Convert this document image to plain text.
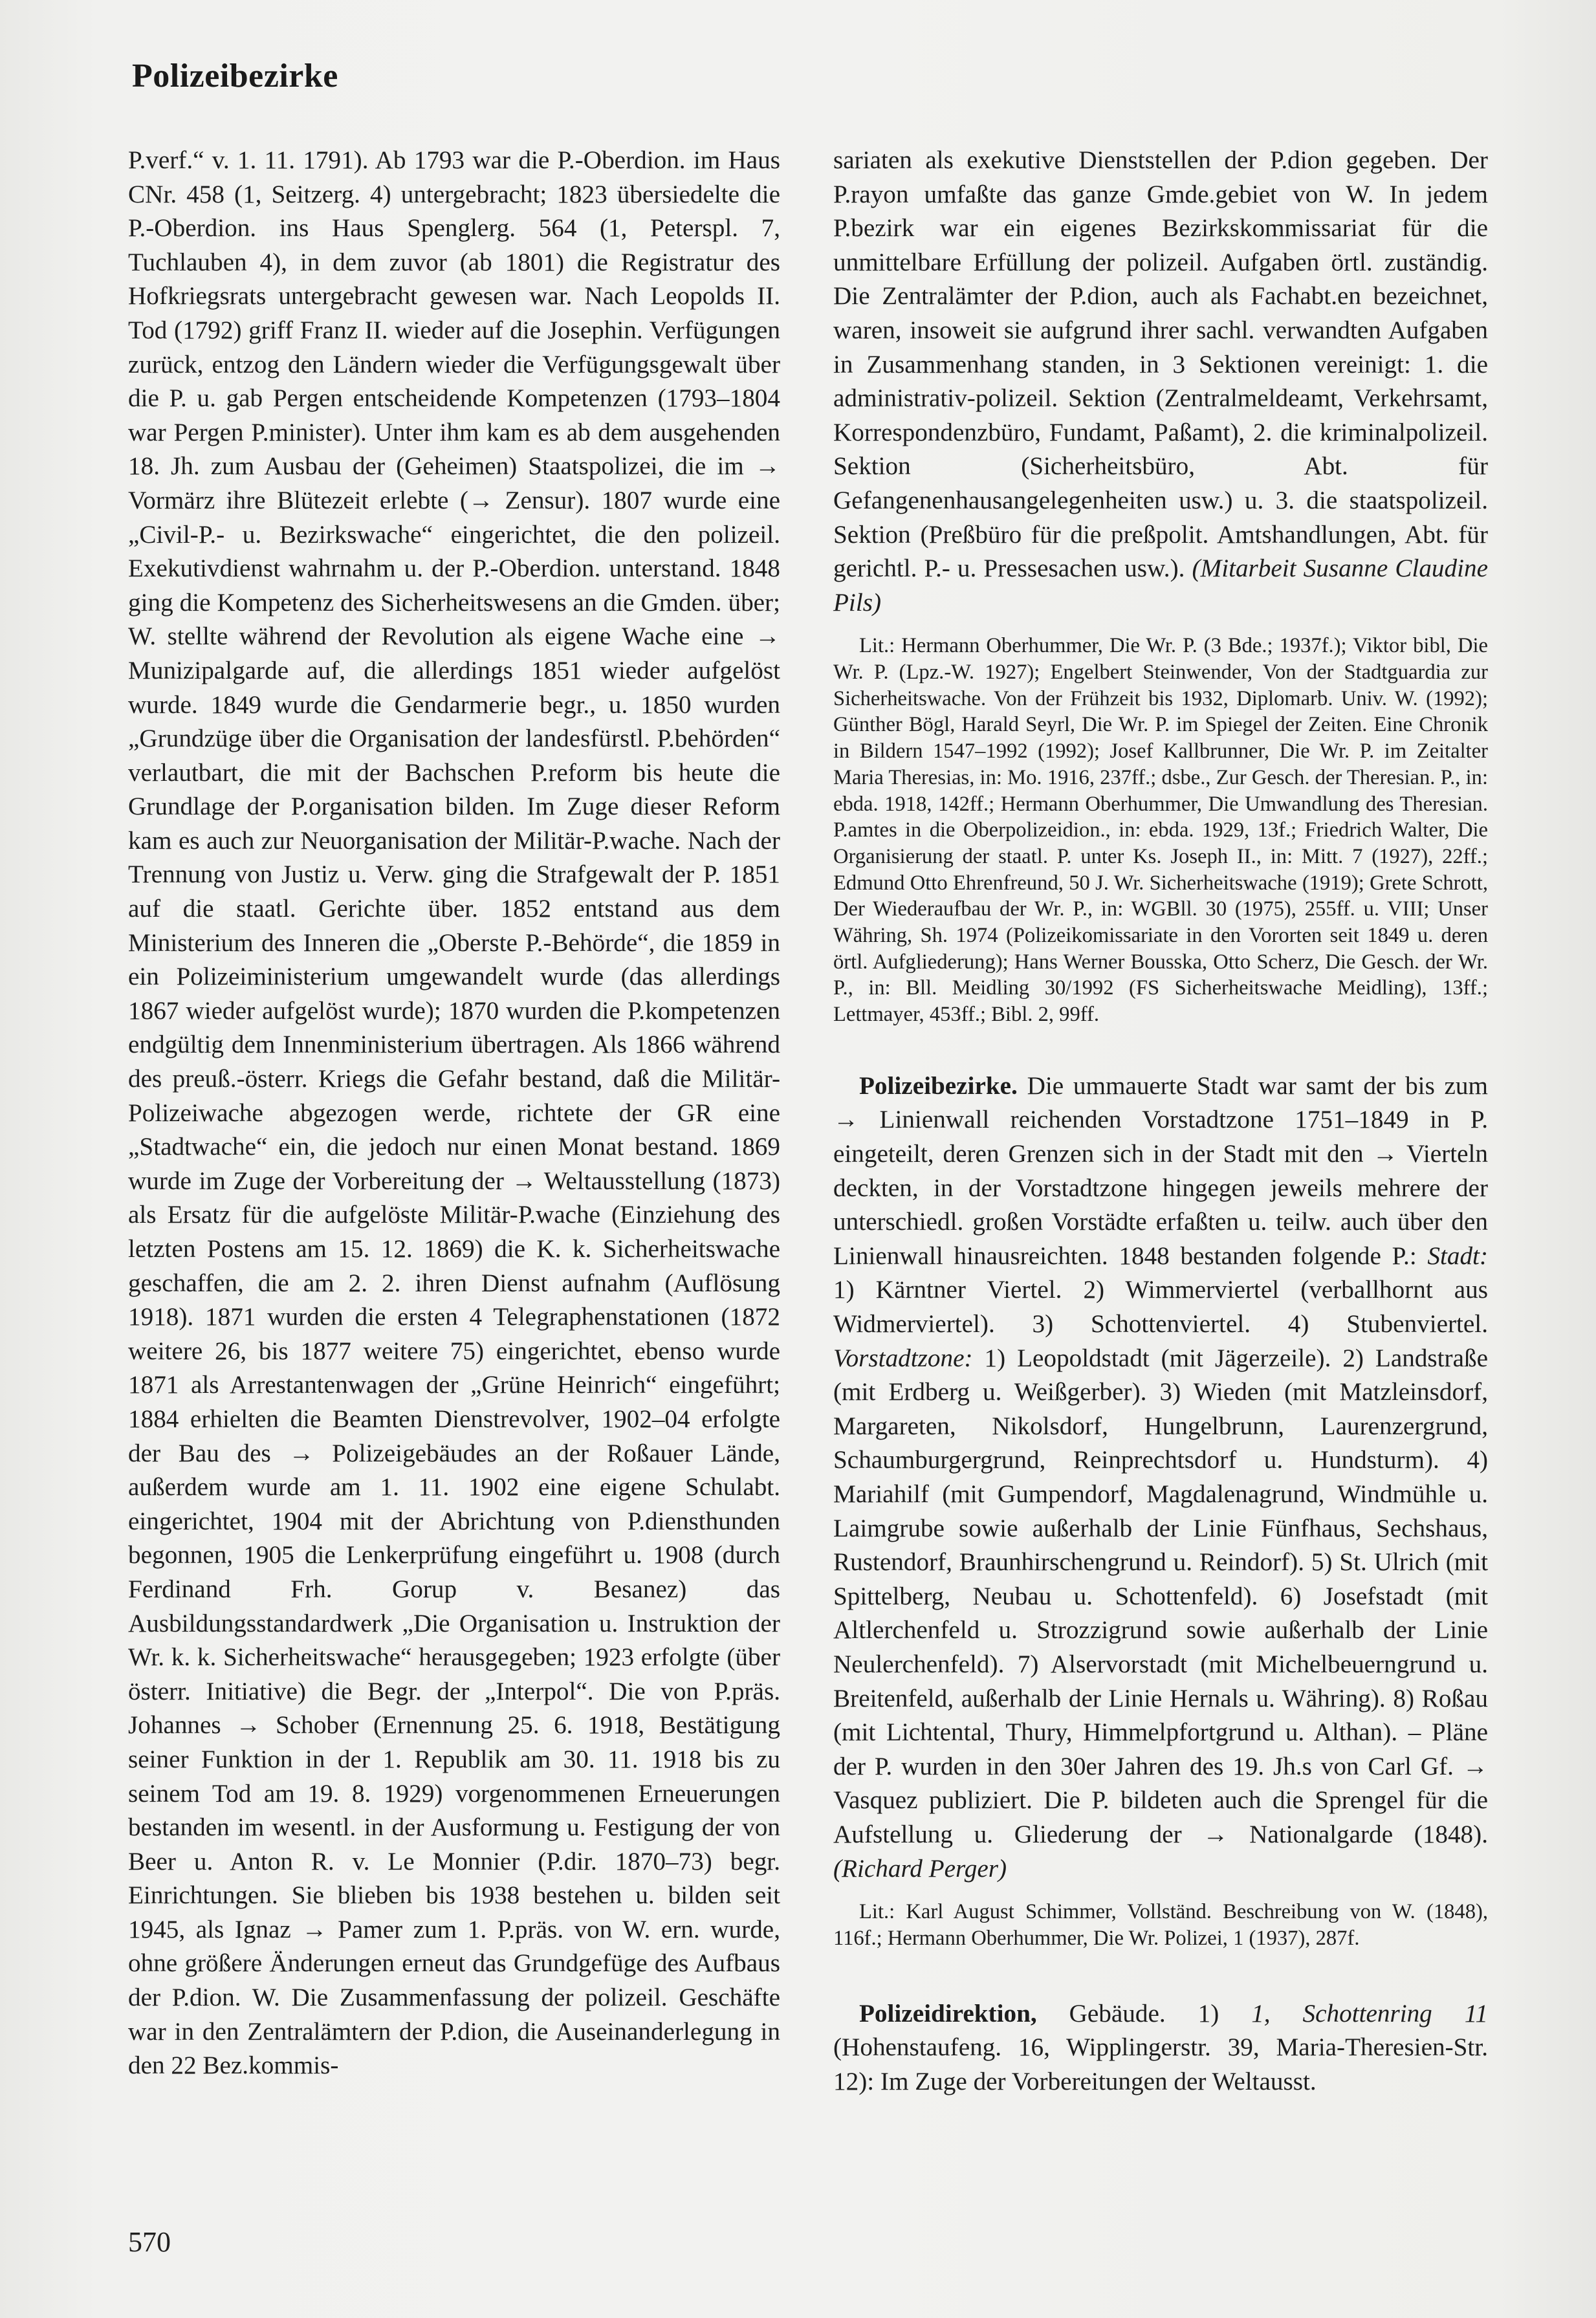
Polizeibezirke

P.verf.“ v. 1. 11. 1791). Ab 1793 war die P.-Oberdion. im Haus CNr. 458 (1, Seitzerg. 4) untergebracht; 1823 übersiedelte die P.-Oberdion. ins Haus Spenglerg. 564 (1, Peterspl. 7, Tuchlauben 4), in dem zuvor (ab 1801) die Registratur des Hofkriegsrats untergebracht gewesen war. Nach Leopolds II. Tod (1792) griff Franz II. wieder auf die Josephin. Verfügungen zurück, entzog den Ländern wieder die Verfügungsgewalt über die P. u. gab Pergen entscheidende Kompetenzen (1793–1804 war Pergen P.minister). Unter ihm kam es ab dem ausgehenden 18. Jh. zum Ausbau der (Geheimen) Staatspolizei, die im → Vormärz ihre Blütezeit erlebte (→ Zensur). 1807 wurde eine „Civil-P.- u. Bezirkswache“ eingerichtet, die den polizeil. Exekutivdienst wahrnahm u. der P.-Oberdion. unterstand. 1848 ging die Kompetenz des Sicherheitswesens an die Gmden. über; W. stellte während der Revolution als eigene Wache eine → Munizipalgarde auf, die allerdings 1851 wieder aufgelöst wurde. 1849 wurde die Gendarmerie begr., u. 1850 wurden „Grundzüge über die Organisation der landesfürstl. P.behörden“ verlautbart, die mit der Bachschen P.reform bis heute die Grundlage der P.organisation bilden. Im Zuge dieser Reform kam es auch zur Neuorganisation der Militär-P.wache. Nach der Trennung von Justiz u. Verw. ging die Strafgewalt der P. 1851 auf die staatl. Gerichte über. 1852 entstand aus dem Ministerium des Inneren die „Oberste P.-Behörde“, die 1859 in ein Polizeiministerium umgewandelt wurde (das allerdings 1867 wieder aufgelöst wurde); 1870 wurden die P.kompetenzen endgültig dem Innenministerium übertragen. Als 1866 während des preuß.-österr. Kriegs die Gefahr bestand, daß die Militär-Polizeiwache abgezogen werde, richtete der GR eine „Stadtwache“ ein, die jedoch nur einen Monat bestand. 1869 wurde im Zuge der Vorbereitung der → Weltausstellung (1873) als Ersatz für die aufgelöste Militär-P.wache (Einziehung des letzten Postens am 15. 12. 1869) die K. k. Sicherheitswache geschaffen, die am 2. 2. ihren Dienst aufnahm (Auflösung 1918). 1871 wurden die ersten 4 Telegraphenstationen (1872 weitere 26, bis 1877 weitere 75) eingerichtet, ebenso wurde 1871 als Arrestantenwagen der „Grüne Heinrich“ eingeführt; 1884 erhielten die Beamten Dienstrevolver, 1902–04 erfolgte der Bau des → Polizeigebäudes an der Roßauer Lände, außerdem wurde am 1. 11. 1902 eine eigene Schulabt. eingerichtet, 1904 mit der Abrichtung von P.diensthunden begonnen, 1905 die Lenkerprüfung eingeführt u. 1908 (durch Ferdinand Frh. Gorup v. Besanez) das Ausbildungsstandardwerk „Die Organisation u. Instruktion der Wr. k. k. Sicherheitswache“ herausgegeben; 1923 erfolgte (über österr. Initiative) die Begr. der „Interpol“. Die von P.präs. Johannes → Schober (Ernennung 25. 6. 1918, Bestätigung seiner Funktion in der 1. Republik am 30. 11. 1918 bis zu seinem Tod am 19. 8. 1929) vorgenommenen Erneuerungen bestanden im wesentl. in der Ausformung u. Festigung der von Beer u. Anton R. v. Le Monnier (P.dir. 1870–73) begr. Einrichtungen. Sie blieben bis 1938 bestehen u. bilden seit 1945, als Ignaz → Pamer zum 1. P.präs. von W. ern. wurde, ohne größere Änderungen erneut das Grundgefüge des Aufbaus der P.dion. W. Die Zusammenfassung der polizeil. Geschäfte war in den Zentralämtern der P.dion, die Auseinanderlegung in den 22 Bez.kommis-

sariaten als exekutive Dienststellen der P.dion gegeben. Der P.rayon umfaßte das ganze Gmde.gebiet von W. In jedem P.bezirk war ein eigenes Bezirkskommissariat für die unmittelbare Erfüllung der polizeil. Aufgaben örtl. zuständig. Die Zentralämter der P.dion, auch als Fachabt.en bezeichnet, waren, insoweit sie aufgrund ihrer sachl. verwandten Aufgaben in Zusammenhang standen, in 3 Sektionen vereinigt: 1. die administrativ-polizeil. Sektion (Zentralmeldeamt, Verkehrsamt, Korrespondenzbüro, Fundamt, Paßamt), 2. die kriminalpolizeil. Sektion (Sicherheitsbüro, Abt. für Gefangenenhausangelegenheiten usw.) u. 3. die staatspolizeil. Sektion (Preßbüro für die preßpolit. Amtshandlungen, Abt. für gerichtl. P.- u. Pressesachen usw.). (Mitarbeit Susanne Claudine Pils)

Lit.: Hermann Oberhummer, Die Wr. P. (3 Bde.; 1937f.); Viktor bibl, Die Wr. P. (Lpz.-W. 1927); Engelbert Steinwender, Von der Stadtguardia zur Sicherheitswache. Von der Frühzeit bis 1932, Diplomarb. Univ. W. (1992); Günther Bögl, Harald Seyrl, Die Wr. P. im Spiegel der Zeiten. Eine Chronik in Bildern 1547–1992 (1992); Josef Kallbrunner, Die Wr. P. im Zeitalter Maria Theresias, in: Mo. 1916, 237ff.; dsbe., Zur Gesch. der Theresian. P., in: ebda. 1918, 142ff.; Hermann Oberhummer, Die Umwandlung des Theresian. P.amtes in die Oberpolizeidion., in: ebda. 1929, 13f.; Friedrich Walter, Die Organisierung der staatl. P. unter Ks. Joseph II., in: Mitt. 7 (1927), 22ff.; Edmund Otto Ehrenfreund, 50 J. Wr. Sicherheitswache (1919); Grete Schrott, Der Wiederaufbau der Wr. P., in: WGBll. 30 (1975), 255ff. u. VIII; Unser Währing, Sh. 1974 (Polizeikomissariate in den Vororten seit 1849 u. deren örtl. Aufgliederung); Hans Werner Bousska, Otto Scherz, Die Gesch. der Wr. P., in: Bll. Meidling 30/1992 (FS Sicherheitswache Meidling), 13ff.; Lettmayer, 453ff.; Bibl. 2, 99ff.

Polizeibezirke. Die ummauerte Stadt war samt der bis zum → Linienwall reichenden Vorstadtzone 1751–1849 in P. eingeteilt, deren Grenzen sich in der Stadt mit den → Vierteln deckten, in der Vorstadtzone hingegen jeweils mehrere der unterschiedl. großen Vorstädte erfaßten u. teilw. auch über den Linienwall hinausreichten. 1848 bestanden folgende P.: Stadt: 1) Kärntner Viertel. 2) Wimmerviertel (verballhornt aus Widmerviertel). 3) Schottenviertel. 4) Stubenviertel. Vorstadtzone: 1) Leopoldstadt (mit Jägerzeile). 2) Landstraße (mit Erdberg u. Weißgerber). 3) Wieden (mit Matzleinsdorf, Margareten, Nikolsdorf, Hungelbrunn, Laurenzergrund, Schaumburgergrund, Reinprechtsdorf u. Hundsturm). 4) Mariahilf (mit Gumpendorf, Magdalenagrund, Windmühle u. Laimgrube sowie außerhalb der Linie Fünfhaus, Sechshaus, Rustendorf, Braunhirschengrund u. Reindorf). 5) St. Ulrich (mit Spittelberg, Neubau u. Schottenfeld). 6) Josefstadt (mit Altlerchenfeld u. Strozzigrund sowie außerhalb der Linie Neulerchenfeld). 7) Alservorstadt (mit Michelbeuerngrund u. Breitenfeld, außerhalb der Linie Hernals u. Währing). 8) Roßau (mit Lichtental, Thury, Himmelpfortgrund u. Althan). – Pläne der P. wurden in den 30er Jahren des 19. Jh.s von Carl Gf. → Vasquez publiziert. Die P. bildeten auch die Sprengel für die Aufstellung u. Gliederung der → Nationalgarde (1848). (Richard Perger)

Lit.: Karl August Schimmer, Vollständ. Beschreibung von W. (1848), 116f.; Hermann Oberhummer, Die Wr. Polizei, 1 (1937), 287f.

Polizeidirektion, Gebäude. 1) 1, Schottenring 11 (Hohenstaufeng. 16, Wipplingerstr. 39, Maria-Theresien-Str. 12): Im Zuge der Vorbereitungen der Weltausst.

570
